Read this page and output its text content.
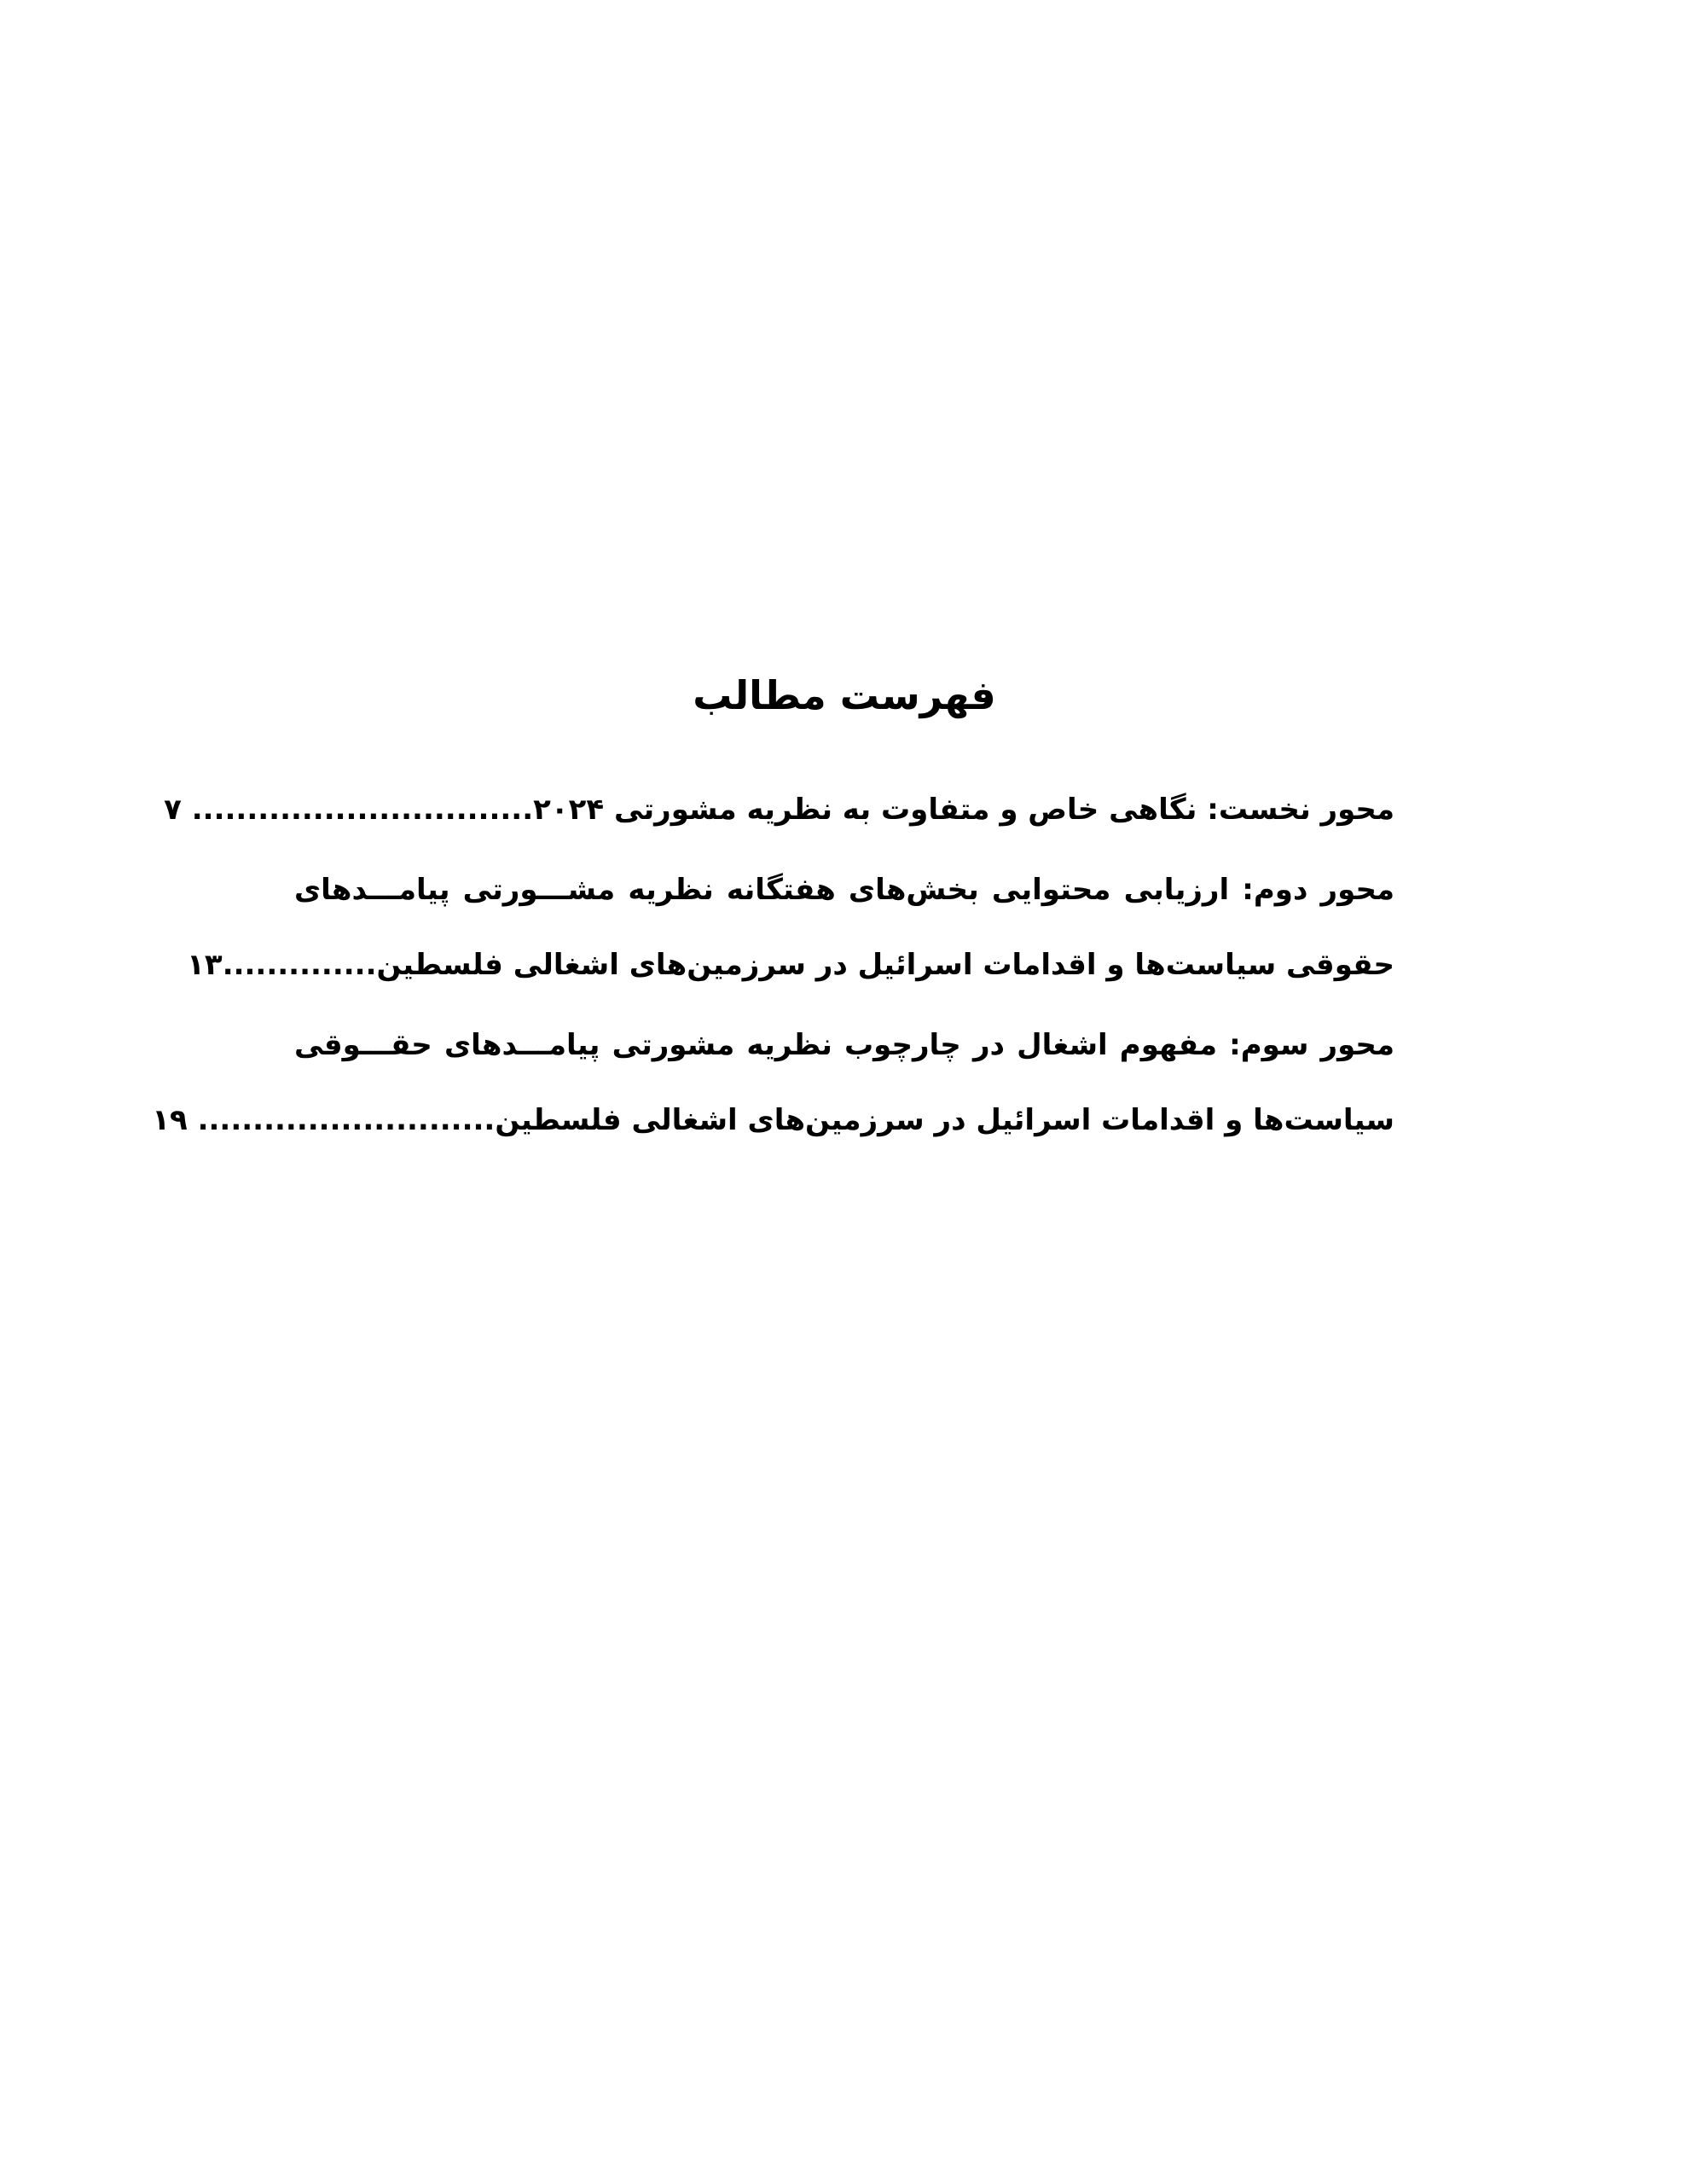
فهرست مطالب
محور نخست: نگاهی خاص و متفاوت به نظریه مشورتی ۲۰۲۴............................... ۷
محور دوم: ارزیابی محتوایی بخش‌های هفتگانه نظریه مشـــورتی پیامـــدهای
حقوقی سیاست‌ها و اقدامات اسرائیل در سرزمین‌های اشغالی فلسطین..............۱۳
محور سوم: مفهوم اشغال در چارچوب نظریه مشورتی پیامـــدهای حقـــوقی
سیاست‌ها و اقدامات اسرائیل در سرزمین‌های اشغالی فلسطین........................... ۱۹
